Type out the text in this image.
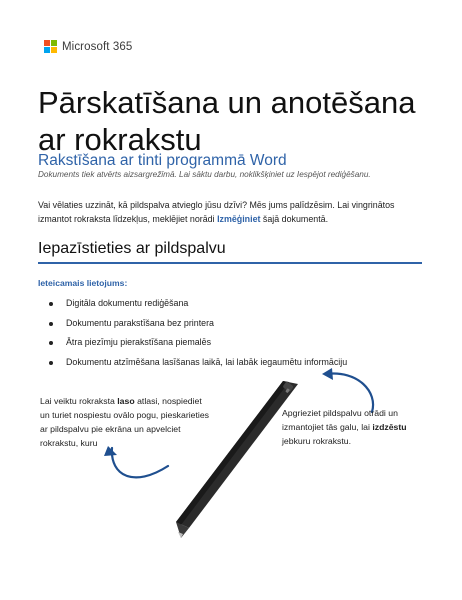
Microsoft 365
Pārskatīšana un anotēšana ar rokrakstu
Rakstīšana ar tinti programmā Word
Dokuments tiek atvērts aizsargrežīmā. Lai sāktu darbu, noklikšķiniet uz Iespējot rediģēšanu.
Vai vēlaties uzzināt, kā pildspalva atvieglo jūsu dzīvi? Mēs jums palīdzēsim. Lai vingrinātos izmantot rokraksta līdzekļus, meklējiet norādi Izmēģiniet šajā dokumentā.
Iepazīstieties ar pildspalvu
Ieteicamais lietojums:
Digitāla dokumentu rediģēšana
Dokumentu parakstīšana bez printera
Ātra piezīmju pierakstīšana piemalēs
Dokumentu atzīmēšana lasīšanas laikā, lai labāk iegaumētu informāciju
Lai veiktu rokraksta laso atlasi, nospiediet un turiet nospiestu ovālo pogu, pieskarieties ar pildspalvu pie ekrāna un apvelciet rokrakstu, kuru
Apgrieziet pildspalvu otrādi un izmantojiet tās galu, lai izdzēstu jebkuru rokrakstu.
